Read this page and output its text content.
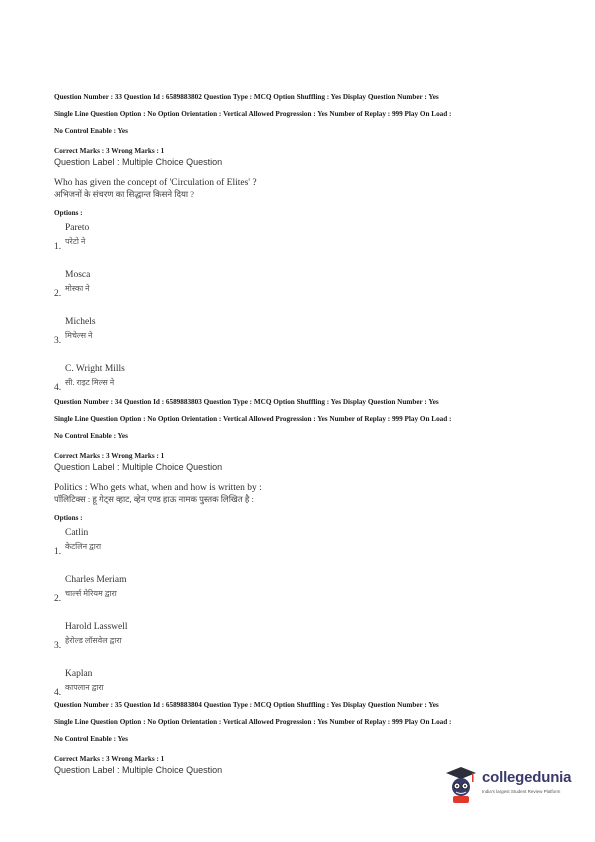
Question Number : 33 Question Id : 6589883802 Question Type : MCQ Option Shuffling : Yes Display Question Number : Yes

Single Line Question Option : No Option Orientation : Vertical Allowed Progression : Yes Number of Replay : 999 Play On Load :

No Control Enable : Yes

Correct Marks : 3 Wrong Marks : 1
Question Label : Multiple Choice Question
Who has given the concept of 'Circulation of Elites' ?
अभिजनों के संचरण का सिद्धान्त किसने दिया ?
Options :
Pareto
परेटो ने
1.
Mosca
मोस्का ने
2.
Michels
मिचेल्स ने
3.
C. Wright Mills
सी. राइट मिल्स ने
4.

Question Number : 34 Question Id : 6589883803 Question Type : MCQ Option Shuffling : Yes Display Question Number : Yes

Single Line Question Option : No Option Orientation : Vertical Allowed Progression : Yes Number of Replay : 999 Play On Load :

No Control Enable : Yes

Correct Marks : 3 Wrong Marks : 1
Question Label : Multiple Choice Question
Politics : Who gets what, when and how is written by :
पॉलिटिक्स : हू गेट्स व्हाट, व्हेन एण्ड हाऊ नामक पुस्तक लिखित है :
Options :
Catlin
केटलिन द्वारा
1.
Charles Meriam
चार्ल्स मेरियम द्वारा
2.
Harold Lasswell
हेरोल्ड लॉसवेल द्वारा
3.
Kaplan
कापलान द्वारा
4.

Question Number : 35 Question Id : 6589883804 Question Type : MCQ Option Shuffling : Yes Display Question Number : Yes

Single Line Question Option : No Option Orientation : Vertical Allowed Progression : Yes Number of Replay : 999 Play On Load :

No Control Enable : Yes

Correct Marks : 3 Wrong Marks : 1
Question Label : Multiple Choice Question	collegedunia
India's largest Student Review Platform
